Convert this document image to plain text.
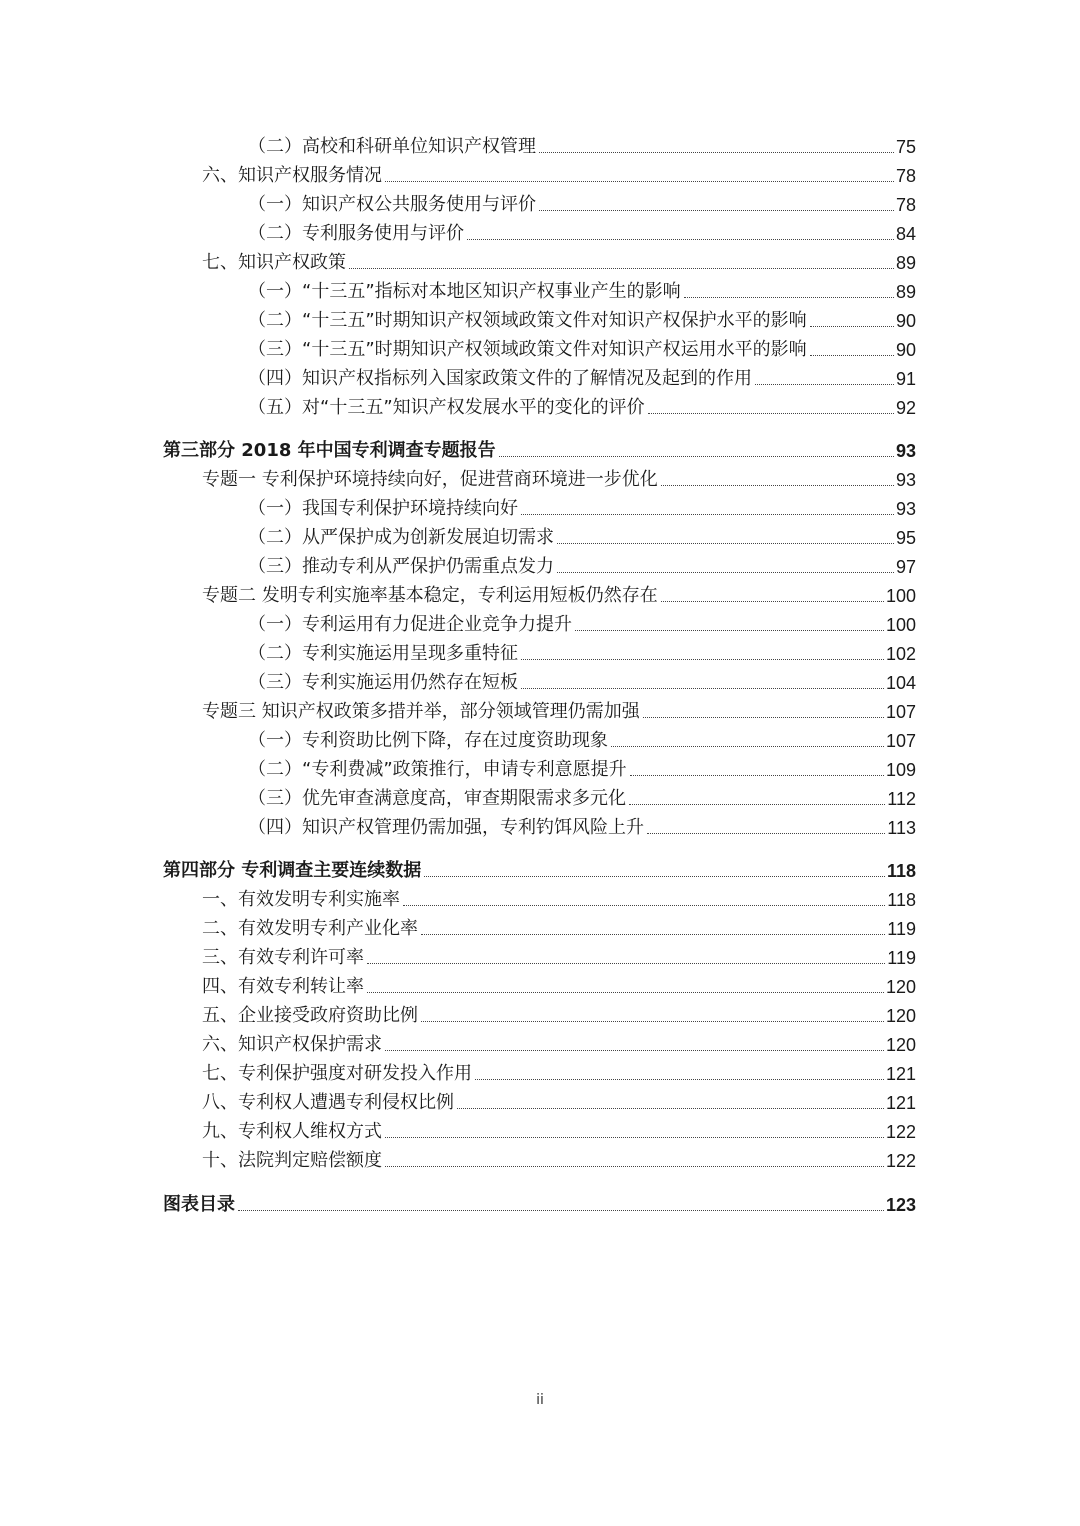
（二）高校和科研单位知识产权管理	75
六、知识产权服务情况	78
（一）知识产权公共服务使用与评价	78
（二）专利服务使用与评价	84
七、知识产权政策	89
（一）“十三五”指标对本地区知识产权事业产生的影响	89
（二）“十三五”时期知识产权领域政策文件对知识产权保护水平的影响	90
（三）“十三五”时期知识产权领域政策文件对知识产权运用水平的影响	90
（四）知识产权指标列入国家政策文件的了解情况及起到的作用	91
（五）对“十三五”知识产权发展水平的变化的评价	92
第三部分 2018 年中国专利调查专题报告	93
专题一 专利保护环境持续向好，促进营商环境进一步优化	93
（一）我国专利保护环境持续向好	93
（二）从严保护成为创新发展迫切需求	95
（三）推动专利从严保护仍需重点发力	97
专题二 发明专利实施率基本稳定，专利运用短板仍然存在	100
（一）专利运用有力促进企业竞争力提升	100
（二）专利实施运用呈现多重特征	102
（三）专利实施运用仍然存在短板	104
专题三 知识产权政策多措并举，部分领域管理仍需加强	107
（一）专利资助比例下降，存在过度资助现象	107
（二）“专利费减”政策推行，申请专利意愿提升	109
（三）优先审查满意度高，审查期限需求多元化	112
（四）知识产权管理仍需加强，专利钓饵风险上升	113
第四部分 专利调查主要连续数据	118
一、有效发明专利实施率	118
二、有效发明专利产业化率	119
三、有效专利许可率	119
四、有效专利转让率	120
五、企业接受政府资助比例	120
六、知识产权保护需求	120
七、专利保护强度对研发投入作用	121
八、专利权人遭遇专利侵权比例	121
九、专利权人维权方式	122
十、法院判定赔偿额度	122
图表目录	123
ii
